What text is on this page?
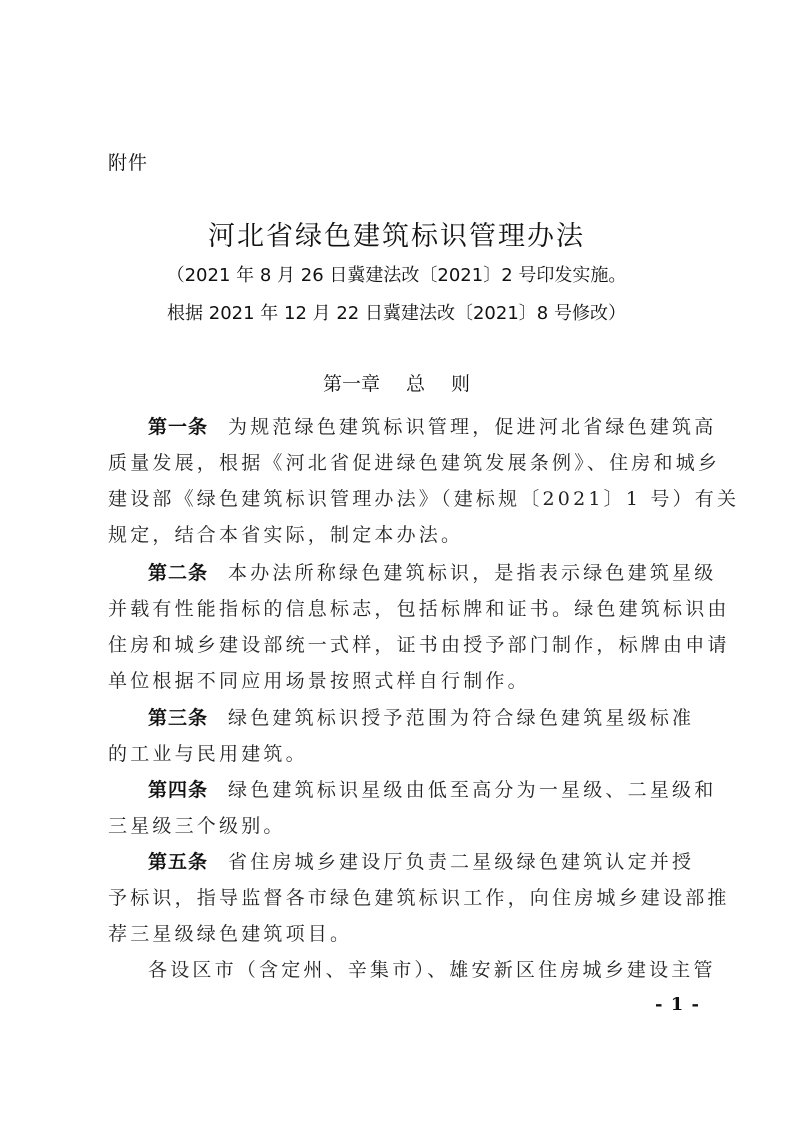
附件
河北省绿色建筑标识管理办法
（2021 年 8 月 26 日冀建法改〔2021〕2 号印发实施。
根据 2021 年 12 月 22 日冀建法改〔2021〕8 号修改）
第一章 总 则
第一条 为规范绿色建筑标识管理，促进河北省绿色建筑高
质量发展，根据《河北省促进绿色建筑发展条例》、住房和城乡
建设部《绿色建筑标识管理办法》（建标规〔2021〕1 号）有关
规定，结合本省实际，制定本办法。
第二条 本办法所称绿色建筑标识，是指表示绿色建筑星级
并载有性能指标的信息标志，包括标牌和证书。绿色建筑标识由
住房和城乡建设部统一式样，证书由授予部门制作，标牌由申请
单位根据不同应用场景按照式样自行制作。
第三条 绿色建筑标识授予范围为符合绿色建筑星级标准
的工业与民用建筑。
第四条 绿色建筑标识星级由低至高分为一星级、二星级和
三星级三个级别。
第五条 省住房城乡建设厅负责二星级绿色建筑认定并授
予标识，指导监督各市绿色建筑标识工作，向住房城乡建设部推
荐三星级绿色建筑项目。
各设区市（含定州、辛集市）、雄安新区住房城乡建设主管
- 1 -
